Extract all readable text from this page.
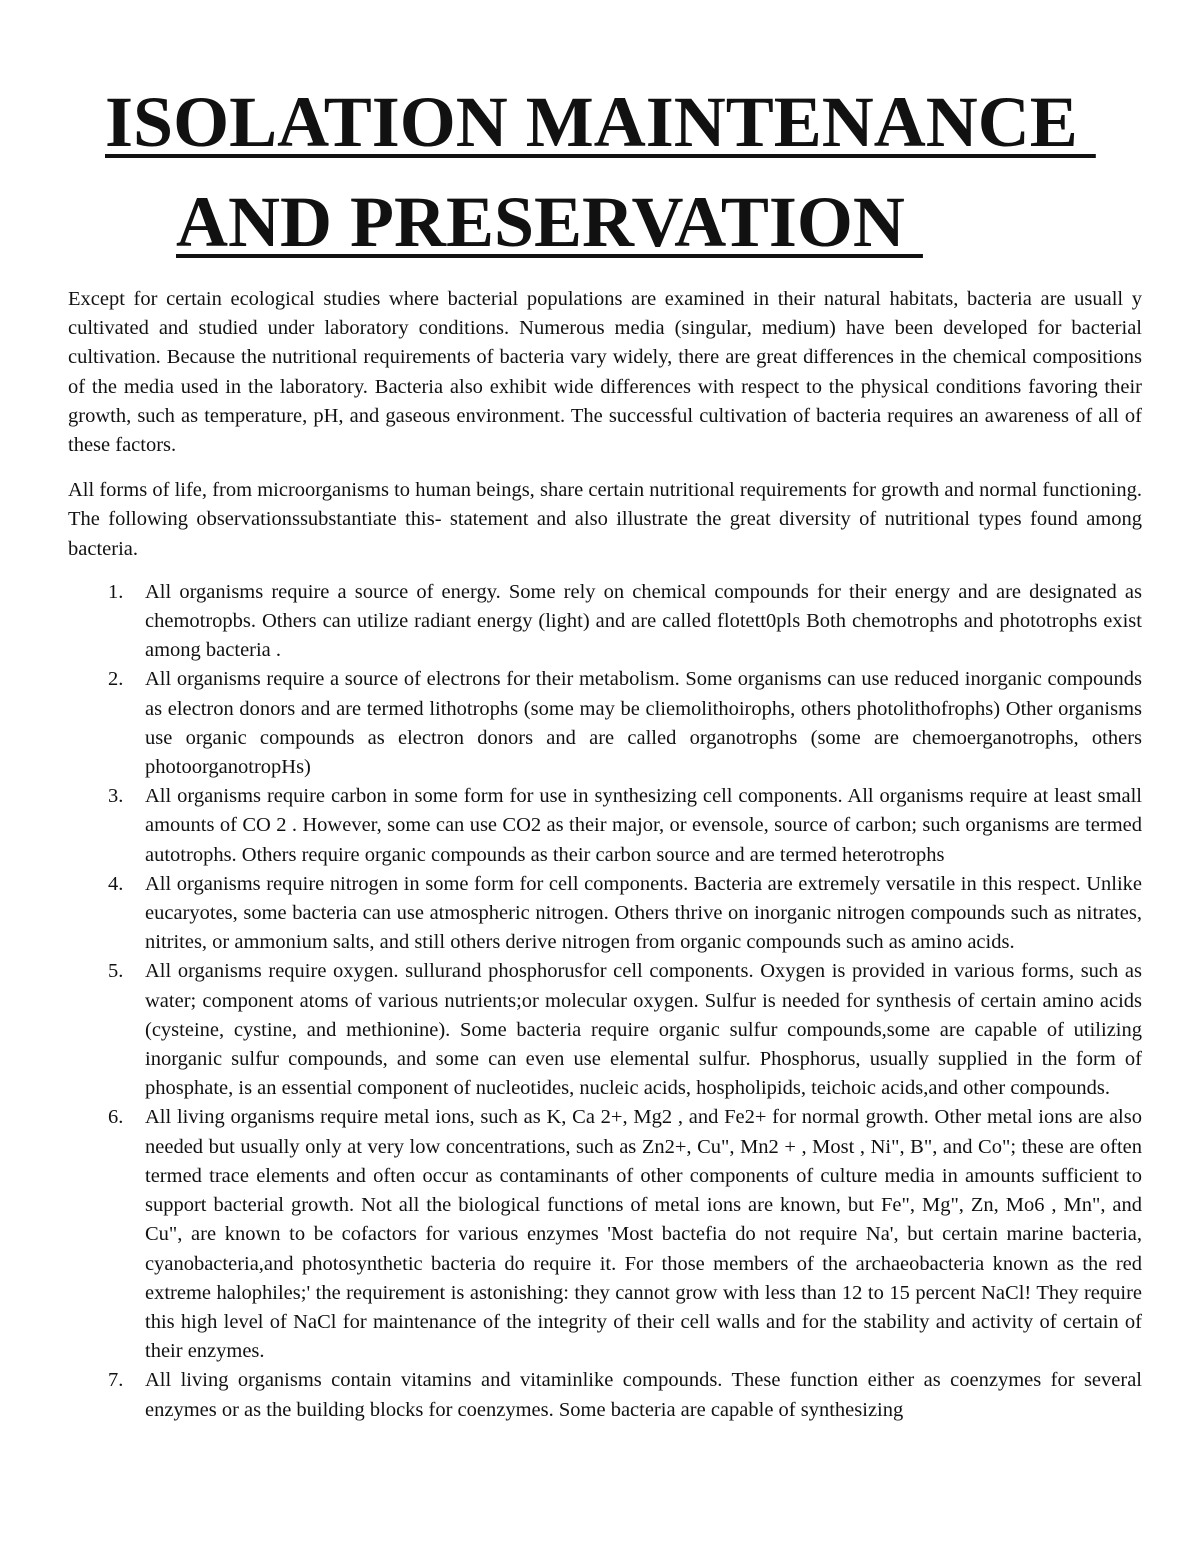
ISOLATION MAINTENANCE
AND PRESERVATION

Except for certain ecological studies where bacterial populations are examined in their natural habitats, bacteria are usuall y cultivated and studied under laboratory conditions. Numerous media (singular, medium) have been developed for bacterial cultivation. Because the nutritional requirements of bacteria vary widely, there are great differences in the chemical compositions of the media used in the laboratory. Bacteria also exhibit wide differences with respect to the physical conditions favoring their growth, such as temperature, pH, and gaseous environment. The successful cultivation of bacteria requires an awareness of all of these factors.

All forms of life, from microorganisms to human beings, share certain nutritional requirements for growth and normal functioning. The following observationssubstantiate this- statement and also illustrate the great diversity of nutritional types found among bacteria.

1. All organisms require a source of energy. Some rely on chemical compounds for their energy and are designated as chemotropbs. Others can utilize radiant energy (light) and are called flotett0pls Both chemotrophs and phototrophs exist among bacteria .
2. All organisms require a source of electrons for their metabolism. Some organisms can use reduced inorganic compounds as electron donors and are termed lithotrophs (some may be cliemolithoirophs, others photolithofrophs) Other organisms use organic compounds as electron donors and are called organotrophs (some are chemoerganotrophs, others photoorganotropHs)
3. All organisms require carbon in some form for use in synthesizing cell components. All organisms require at least small amounts of CO 2 . However, some can use CO2 as their major, or evensole, source of carbon; such organisms are termed autotrophs. Others require organic compounds as their carbon source and are termed heterotrophs
4. All organisms require nitrogen in some form for cell components. Bacteria are extremely versatile in this respect. Unlike eucaryotes, some bacteria can use atmospheric nitrogen. Others thrive on inorganic nitrogen compounds such as nitrates, nitrites, or ammonium salts, and still others derive nitrogen from organic compounds such as amino acids.
5. All organisms require oxygen. sullurand phosphorusfor cell components. Oxygen is provided in various forms, such as water; component atoms of various nutrients;or molecular oxygen. Sulfur is needed for synthesis of certain amino acids (cysteine, cystine, and methionine). Some bacteria require organic sulfur compounds,some are capable of utilizing inorganic sulfur compounds, and some can even use elemental sulfur. Phosphorus, usually supplied in the form of phosphate, is an essential component of nucleotides, nucleic acids, hospholipids, teichoic acids,and other compounds.
6. All living organisms require metal ions, such as K, Ca 2+, Mg2 , and Fe2+ for normal growth. Other metal ions are also needed but usually only at very low concentrations, such as Zn2+, Cu", Mn2 + , Most , Ni", B", and Co"; these are often termed trace elements and often occur as contaminants of other components of culture media in amounts sufficient to support bacterial growth. Not all the biological functions of metal ions are known, but Fe", Mg", Zn, Mo6 , Mn", and Cu", are known to be cofactors for various enzymes 'Most bactefia do not require Na', but certain marine bacteria, cyanobacteria,and photosynthetic bacteria do require it. For those members of the archaeobacteria known as the red extreme halophiles;' the requirement is astonishing: they cannot grow with less than 12 to 15 percent NaCl! They require this high level of NaCl for maintenance of the integrity of their cell walls and for the stability and activity of certain of their enzymes.
7. All living organisms contain vitamins and vitaminlike compounds. These function either as coenzymes for several enzymes or as the building blocks for coenzymes. Some bacteria are capable of synthesizing
